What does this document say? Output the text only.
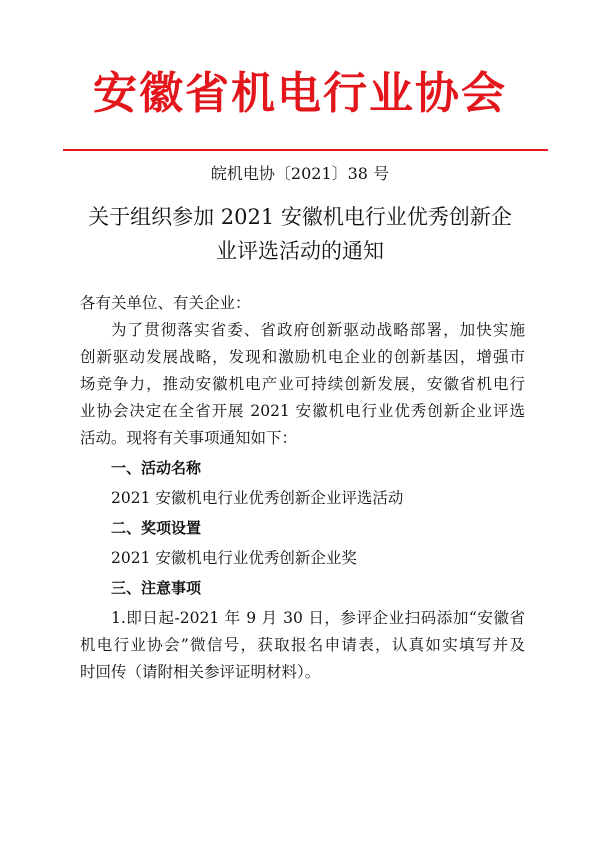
安徽省机电行业协会
皖机电协〔2021〕38 号
关于组织参加 2021 安徽机电行业优秀创新企
业评选活动的通知
各有关单位、有关企业：
为了贯彻落实省委、省政府创新驱动战略部署，加快实施
创新驱动发展战略，发现和激励机电企业的创新基因，增强市
场竞争力，推动安徽机电产业可持续创新发展，安徽省机电行
业协会决定在全省开展 2021 安徽机电行业优秀创新企业评选
活动。现将有关事项通知如下：
一、活动名称
2021 安徽机电行业优秀创新企业评选活动
二、奖项设置
2021 安徽机电行业优秀创新企业奖
三、注意事项
1.即日起-2021 年 9 月 30 日，参评企业扫码添加“安徽省
机电行业协会”微信号，获取报名申请表，认真如实填写并及
时回传（请附相关参评证明材料）。
